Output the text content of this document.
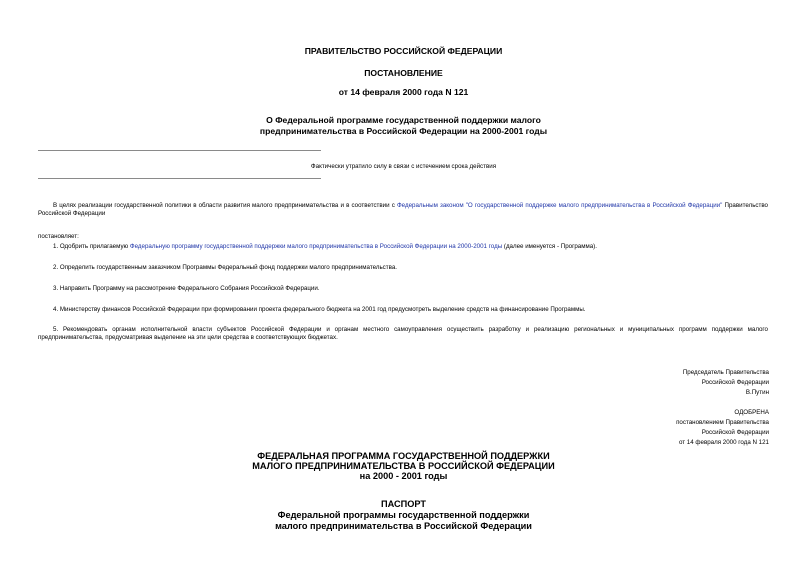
ПРАВИТЕЛЬСТВО РОССИЙСКОЙ ФЕДЕРАЦИИ

ПОСТАНОВЛЕНИЕ

от 14 февраля 2000 года N 121

О Федеральной программе государственной поддержки малого

предпринимательства в Российской Федерации на 2000-2001 годы

Фактически утратило силу в связи с истечением срока действия

В целях реализации государственной политики в области развития малого предпринимательства и в соответствии с Федеральным законом "О государственной поддержке малого предпринимательства в Российской Федерации" Правительство Российской Федерации

постановляет:

1. Одобрить прилагаемую Федеральную программу государственной поддержки малого предпринимательства в Российской Федерации на 2000-2001 годы (далее именуется - Программа).

2. Определить государственным заказчиком Программы Федеральный фонд поддержки малого предпринимательства.

3. Направить Программу на рассмотрение Федерального Собрания Российской Федерации.

4. Министерству финансов Российской Федерации при формировании проекта федерального бюджета на 2001 год предусмотреть выделение средств на финансирование Программы.

5. Рекомендовать органам исполнительной власти субъектов Российской Федерации и органам местного самоуправления осуществить разработку и реализацию региональных и муниципальных программ поддержки малого предпринимательства, предусматривая выделение на эти цели средства в соответствующих бюджетах.

Председатель Правительства

Российской Федерации

В.Путин

ОДОБРЕНА

постановлением Правительства

Российской Федерации

от 14 февраля 2000 года N 121

ФЕДЕРАЛЬНАЯ ПРОГРАММА ГОСУДАРСТВЕННОЙ ПОДДЕРЖКИ

МАЛОГО ПРЕДПРИНИМАТЕЛЬСТВА В РОССИЙСКОЙ ФЕДЕРАЦИИ

на 2000 - 2001 годы

ПАСПОРТ

Федеральной программы государственной поддержки

малого предпринимательства в Российской Федерации
